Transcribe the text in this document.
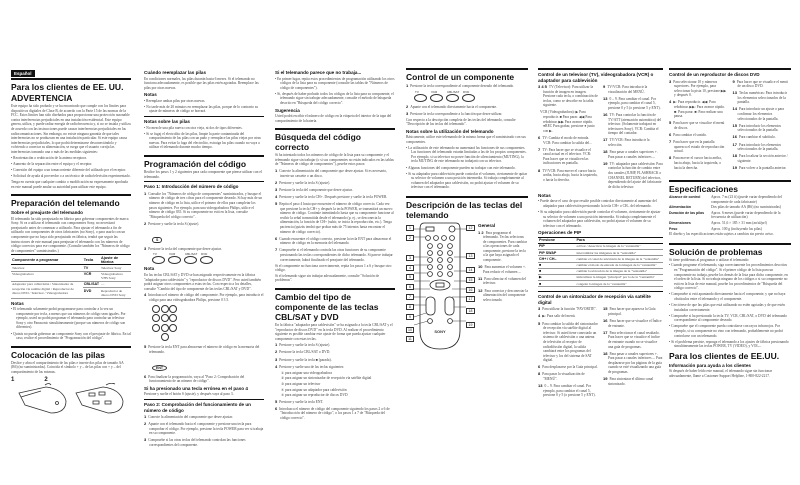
Español
Para los clientes de EE. UU.
ADVERTENCIA
Este equipo ha sido probado y se ha encontrado que cumple con los límites para dispositivos digitales de Clase B, de acuerdo con la Parte 15 de las normas de la FCC. Estos límites han sido diseñados para proporcionar una protección razonable contra interferencias perjudiciales en una instalación residencial. Este equipo genera, utiliza, y puede radiar energía de radiofrecuencia y, si no se instala y utiliza de acuerdo con las instrucciones puede causar interferencias perjudiciales en las radiocomunicaciones. Sin embargo, no existe ninguna garantía de que tales interferencias no se produzcan en una instalación particular. Si este equipo causa interferencias perjudiciales, lo que podrá determinarse desconectándolo y volviendo a conectar su alimentación, se ruega que el usuario corrija las interferencias tomando una o más de las medidas siguientes:
• Reorientación o reubicación de la antena receptora.
• Aumento de la separación entre el equipo y el receptor.
• Conexión del equipo a un tomacorriente diferente del utilizado por el receptor.
• Solicitud de ayuda al proveedor o a un técnico de radio/televisión experimentado.
Tenga en cuenta que cualquier cambio o modificación no expresamente aprobada en este manual puede anular su autoridad para utilizar este equipo.
Preparación del telemando
Sobre el preajuste del telemando
El telemando ha sido preajustado en fábrica para gobernar componentes de marca Sony. Si va a utilizar el telemando con componentes Sony, no necesitará preajustarlo antes de comenzar a utilizarlo. Para ajustar el telemando a fin de utilizarlo con componentes de otros fabricantes (no Sony), o para usarlo con un componente que no haya sido preajustado en fábrica, tendrá que seguir las instrucciones de este manual para preajustar el telemando con los números de código correctos para ese componente. (Consulte también los "Números de código de componentes" suministrados.)
Componente a programar	Tecla	Ajuste de fábrica
Televisor	TV	Televisor Sony
Videograbadora	VCR	Videograbadora VHS Sony
Adaptador para cablevisión / Sintonizador de recepción vía satélite digital / Reproductor de discos DVD / Televisor / Videograbadora	CBL/SAT	—
	DVD	Reproductor de discos DVD Sony
Notas
• El telemando solamente podrá programarse para controlar a la vez un componente por tecla, a menos que sus números de código sean iguales. Por ejemplo, usted no podrá programar el telemando para controlar un televisor Sony y otro Panasonic simultáneamente (porque sus números de código son diferentes).
• Quizás no pueda gobernar un componente Sony con el preajuste de fábrica. En tal caso, realice el procedimiento de "Programación del código".
Colocación de las pilas
Deslice y abra el compartimiento de las pilas e inserte dos pilas de tamaño AA (R6) (no suministradas). Coincida el símbolo + y – de las pilas con + y – del compartimiento de las mismas.
1	2
Cuándo reemplazar las pilas
En condiciones normales, las pilas durarán hasta 6 meses. Si el telemando no funciona adecuadamente, es posible que las pilas estén agotadas. Reemplace las pilas por otras nuevas.
Notas
• Reemplace ambas pilas por otras nuevas.
• No tarde más de 20 minutos en reemplazar las pilas, porque de lo contrario su ajuste de números de código se borrará.
Notas sobre las pilas
• No mezcle una pila nueva con otra vieja, ni dos de tipos diferentes.
• Si se fugaj el electrolito de las pilas, limpie la parte contaminada del compartimiento de las pilas con un paño y reemplace las pilas viejas por otras nuevas. Para evitar la fuga del electrolito, extraiga las pilas cuando no vaya a utilizar el telemando durante mucho tiempo.
Programación del código
Realice los pasos 1 y 2 siguientes para cada componente que piense utilizar con el telemando.
Paso 1: Introducción del número de código
1 Consulte los "Números de código de componentes" suministrados, y busque el número de código de tres cifras para el componente deseado. Si hay más de un número de código en la lista, utilice el primero de ellos para completar los pasos siguientes. Por ejemplo, para una videograbadora Philips, utilice el número de código 035. Si su componente no está en la lista, consulte "Búsqueda del código correcto".
2 Presione y suelte la tecla S (ajuste).
S
3 Presione la tecla del componente que desee ajustar.
TV	VCR	CBL/SAT DVD
Nota
En las teclas CBL/SAT y DVD se han asignado respectivamente en la fábrica "adaptador para cablevisión" y "reproductor de discos DVD". Pero usted también podrá asignar otros componentes a estas teclas. Con respecto a los detalles, consulte "Cambio del tipo de componente de las teclas CBL/SAT y DVD".
4 Introduzca el número de código del componente. Por ejemplo, para introducir el código para una videograbadora Philips, presione 0 3 5.
5 Presione la tecla ENT para almacenar el número de código en la memoria del telemando.
ENT
6 Para finalizar la programación, vaya al "Paso 2: Comprobación del funcionamiento de un número de código".
Si ha presionado una tecla errónea en el paso 4
Presione y suelte el botón S (ajuste), y después vaya al paso 3.
Paso 2: Comprobación del funcionamiento de un número de código
1 Conecte la alimentación del componente que desee ajustar.
2 Apunte con el telemando hacia el componente y presione una tecla para comprobar el código. Por ejemplo, presione la tecla POWER para ver si trabaja en su componente.
3 Compruebe si las otras teclas del telemando controlan las funciones correspondientes del componente.
Si el telemando parece que no trabaja...
• En primer lugar, repita estos procedimientos de programación utilizando los otros códigos de la lista para su componente (consulte las tablas de "Números de código de componentes").
• Si, después de haber probado todos los códigos de la lista para su componente, el telemando sigue sin trabajar adecuadamente, consulte el método de búsqueda descrito en "Búsqueda del código correcto".
Sugerencia
Usted podrá escribir el número de código en la etiqueta del interior de la tapa del compartimiento de la batería.
Búsqueda del código correcto
Si ha intentado todos los números de código de la lista para su componente y el telemando sigue sin trabajar (o si sus componentes no están indicados en las tablas de "Números de código de componentes"), pruebe estos pasos:
1 Conecte la alimentación del componente que desee ajustar. Si es necesario, inserte un cassette o un disco.
2 Presione y suelte la tecla S (ajuste).
3 Presione la tecla del componente que desee ajustar.
4 Presione y suelte la tecla CH+. Después presione y suelte la tecla POWER.
5 Repita el paso 4 hasta que encuentre el número de código correcto. Cada vez que presione la tecla CH+ y después la tecla POWER, se transmitirá un nuevo número de código. Continúe intentándolo hasta que su componente funcione al recibir la señal transmitida desde el telemando (p. ej., se desconecta la alimentación, la función de CH+ (subir, se inicia la reproducción, etc.). Tenga paciencia (quizás tendrá que probar más de 75 intentos hasta encontrar el número de código correcto).
6 Cuando encuentre el código correcto, presione la tecla ENT para almacenar el número de código en la memoria del telemando.
7 Compruebe si el telemando controla las otras funciones de su componente presionando las teclas correspondientes de dicho telemando. Si parece trabajar correctamente, habrá finalizado el preajuste del telemando.
Si el componente no funciona correctamente, repita los pasos 1 a 6 y busque otro código.
Si el telemando sigue sin trabajar adecuadamente, consulte "Solución de problemas".
Cambio del tipo de componente de las teclas CBL/SAT y DVD
En la fábrica "adaptador para cablevisión" se ha asignado a la tecla CBL/SAT y el "reproductor de discos DVD" en la tecla DVD. Al realizar el procedimiento siguiente es posible cambiar este ajuste de forma que pueda ajustar cualquier componente con estas teclas.
1 Presione y suelte la tecla S (ajuste).
2 Presione la tecla CBL/SAT o DVD.
3 Presione y suelte la tecla ■ (parada).
4 Presione y suelte una de las teclas siguientes:
① para asignar una videograbadora
② para asignar un sintonizador de recepción vía satélite digital
③ para asignar un televisor
④ para asignar un adaptador para cablevisión
⑤ para asignar un reproductor de discos DVD
5 Presione y suelte la tecla ENT.
6 Introduzca el número de código del componente siguiendo los pasos 2 a 6 de "Introducción del número de código", o los pasos 1 a 7 de "Búsqueda del código correcto".
Control de un componente
1 Presione la tecla correspondiente al componente deseado del telemando.
TV	VCR	CBL/SAT DVD
2 Apunte con el telemando directamente hacia el componente.
3 Presione la tecla correspondiente a la función que desee utilizar.
Con respecto a la descripción completa de las teclas del telemando, consulte "Descripción de las teclas del telemando".
Notas sobre la utilización del telemando
Básicamente, utilice este telemando de la misma forma que el suministrado con sus componentes.
• La utilización de este telemando no aumentará las funciones de sus componentes. Las funciones del telemando estarán limitadas a las de los propios componentes. Por ejemplo, si su televisor no posee función de silenciamiento (MUTING), la tecla MUTING de este telemando no trabajará con su televisor.
• Algunas funciones del componente pueden no trabajar con este telemando.
• Si su adaptador para cablevisión puede controlar el volumen, ciertamente de quitar su selector de volumen a una posición intermedia. Si trabaja completamente al volumen del adaptador para cablevisión, no podrá ajustar el volumen de su televisor con el telemando.
Descripción de las teclas del telemando
SONY
1
2
3
4
5
6
7
8
9
10
11
12
13
14
15
16
17
18
19
General
1 2 Para programar el telemando. Teclas selectoras de componentes. Para cambiar a las operaciones de cada componente, presione la tecla a la que haya asignado el componente.
10 Para aumentar el volumen +. Para reducir el volumen –.
11 Para silenciar el volumen del televisor.
12 Para conectar y desconectar la alimentación del componente seleccionado.
Control de un televisor (TV), videograbadora (VCR) o adaptador para cablevisión
3 4 5 TV (Televisor): Para utilizar la función de imagen en imagen. Presione cada tecla, o combinación de teclas, como se describe en la tabla siguiente.
VCR (Videograbadora): ▶ Para reproducir. ■ Para parar. ◀◀ Para rebobinar. ▶▶ Para avance rápido. ●REC Para grabar, presione ● junto con ▶.
6 TV: Cambia el modo de entrada. VCR: Para cambiar la salida del...
7 TV: Para hacer que se visualice el canal actual en el televisor. VCR: Para hacer que se visualicen las indicaciones en pantalla.
8 TV/VCR: Para mover el cursor hacia arriba, hacia abajo, hacia la izquierda, o hacia la derecha.
9 TV/VCR: Para introducir la visualización del MENÚ.
13 0 – 9. Para cambiar el canal. Por ejemplo, para cambiar el canal 5, presione 0 y 5 (o presione 5 y ENT).
16 TV: Para controlar la función de TV/ATT (atenuación automática) del televisor. (Solamente trabajará en televisores Sony). VCR: Cambia el tiempo del contador.
17 TV/VCR: Para introducir la selección.
18 Para pasar a canales superiores +. Para pasar a canales inferiores –.
19 TV: adaptador para cablevisión: Para controlar la función de cambio entre dos canales (JUMP, FLASHBACK o CHANNEL RETURN) del televisor, dependiendo del ajuste del fabricante de dicho televisor.
Notas
• Puede darse el caso de que resulte posible controlar directamente al aumentar del adaptador para cablevisión presionando la tecla CH+ o CH– del telemando.
• Si su adaptador para cablevisión puede controlar el volumen, ciertamente de ajustar su selector de volumen a una posición intermedia. Si trabaja completamente el volumen del adaptador para cablevisión, no podrá ajustar el volumen de su televisor con el telemando.
Operaciones de PIP
Presione	Para
PIP	activar / desactivar la imagen de la "ventanilla"
PIP SWAP	intercambiar las imágenes de la "ventanilla"
CH+ / CH–	cambiar el canal de televisión de la imagen de la "ventanilla"
■	cambiar el modo de entrada de la imagen de la "ventanilla"
■	cambiar la ubicación de la imagen de la "ventanilla"
▶	inmovilizar la imagen "principal" por la de la "ventanilla"
■	congelar la imagen de la "ventanilla"
Control de un sintonizador de recepción vía satélite digital
3 Para utilizar la función "FAVORITE".
4 ▶: Para salir del menú.
5 Para cambiar la salida del sintonizador de recepción vía satélite digital al televisor. Si usted tiene conectado un sistema de cablevisión o una antena de televisión al receptor de radiodifusión digital, la salida cambiará entre los programas del televisor y los del sistema de SAT digital.
6 Para desplazarse por la Guía principal.
8 Para pasar la visualización de "MENÚ".
13 0 – 9. Para cambiar el canal. Por ejemplo, para cambiar el canal 5, presione 0 y 5 (o presione 5 y ENT).
15 Para hacer que aparezca la Guía principal.
16 Para hacer que se visualice el Índice de entrante.
17 Para seleccionar el canal resaltado. Para hacer que se visualice el índice de entrante cuando no se visualice una guía de programas.
18 Para pasar a canales superiores +. Para pasar a canales inferiores –. Para desplazarse por las páginas de la guía cuando se esté visualizando una guía de programas.
19 Para sintonizar el último canal sintonizado.
Control de un reproductor de discos DVD
3 Para seleccionar 10 y números superiores. Por ejemplo, para seleccionar la pista 10, presione ▶▶ y después 0.
4 ▶: Para reproducir. ◀◀: Para rebobinar. ▶▶: Para avance rápido. ■: Para parar. ■: Para realizar una pausa.
5 Para hacer que se visualice el menú de discos.
6 Para cambiar el sonido.
7 Para hacer que en la pantalla aparezca el estado de reproducción actual.
8 Para mover el cursor hacia arriba, hacia abajo, hacia la izquierda, o hacia la derecha.
9 Para hacer que se visualice el menú de un disco DVD.
13 Teclas numéricas: Para introducir los elementos seleccionados de la pantalla.
14 Para introducir un ajuste o para confirmar los elementos seleccionados de la pantalla.
15 Para introducir los elementos seleccionados de la pantalla.
16 Para cambiar el subtítulo.
17 Para introducir los elementos seleccionados de la pantalla.
18 Para localizar la sección anterior / siguiente.
19 Para volver a la pantalla anterior.
Especificaciones
Alcance de control	Aprox. 7 m (23 ft) (puede variar dependiendo del componente de cada fabricante)
Alimentación	Dos pilas de tamaño AA (R6) (no suministradas)
Duración de las pilas	Aprox. 6 meses (puede variar dependiendo de la frecuencia de utilización)
Dimensiones	Aprox. 51,6 × 185 × 31 mm (an/al/prf)
Peso	Aprox. 100 g (incluyendo las pilas)
El diseño y las especificaciones están sujetos a cambios sin previo aviso.
Solución de problemas
Si tiene problemas al programar o utilizar el telemando:
• Cuando programe el telemando, siga correctamente los procedimientos descritos en "Programación del código". Si el primer código de la lista para un componente no trabaja, pruebe los demás de la lista para dicho componente, en el orden de la lista. Si no trabaja ninguno de los códigos o si su componente no está en la lista de este manual, pruebe los procedimientos de "Búsqueda del código correcto".
• Compruebe si está apuntando directamente hacia el componente, y que no haya obstáculos entre el telemando y el componente.
• Cerciórese de que las pilas que está utilizando no estén agotadas y de que estén instaladas correctamente.
• Compruebe si ha presionado la tecla TV, VCR, CBL/SAT, o DVD del telemando correspondiente al componente deseado.
• Compruebe que el componente pueda controlarse con rayos infrarrojos. Por ejemplo, si su componente no vino con telemando, probablemente no podrá controlarse con un telemando.
• Si el problema persiste, reponga el telemando a los ajustes de fábrica presionando simultáneamente las teclas POWER, TV (VIDEO), y VOL–.
Para los clientes de EE.UU.
Información para ayuda a los clientes
Si después de haber leído este manual, el telemando sigue sin funcionar adecuadamente, llame a Customer Support Helpline, 1-800-822-2217.
